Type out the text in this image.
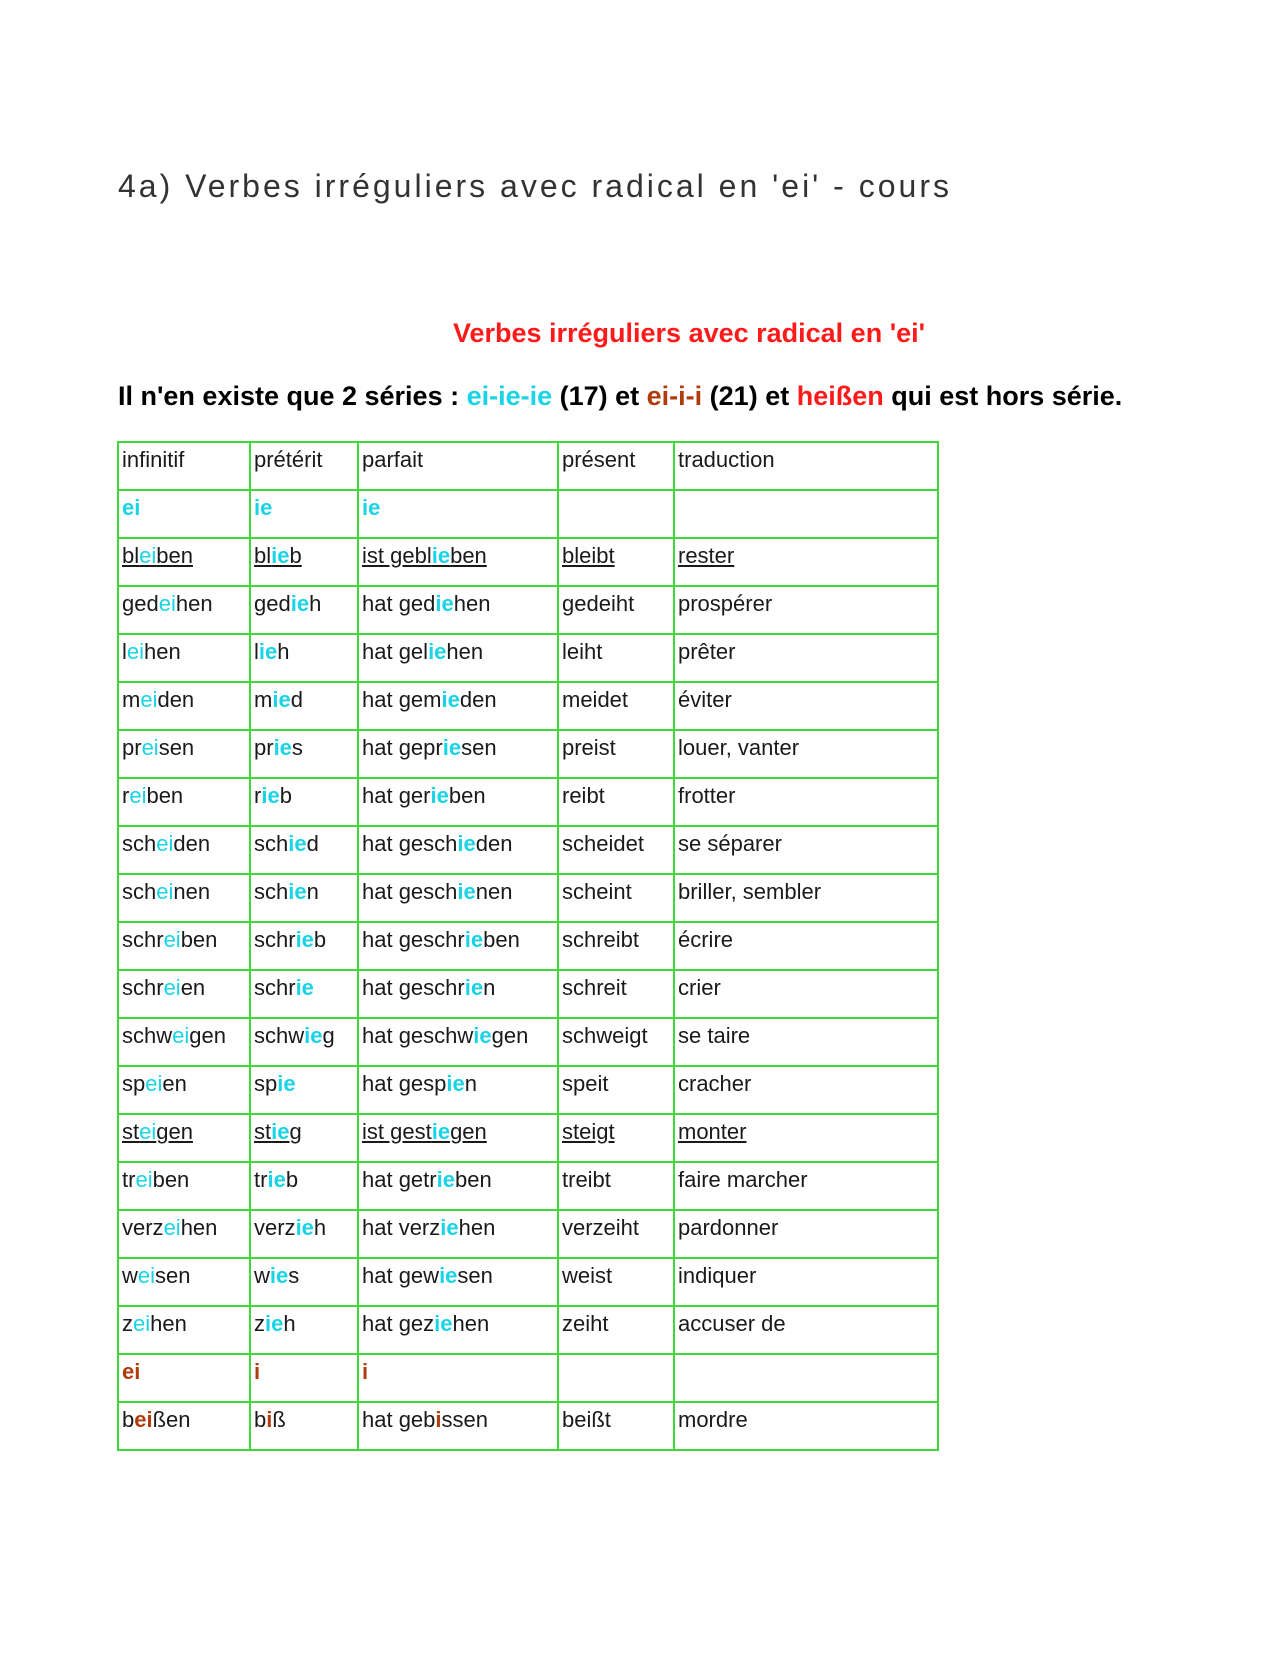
4a) Verbes irréguliers avec radical en 'ei' - cours
Verbes irréguliers avec radical en 'ei'

Il n'en existe que 2 séries : ei-ie-ie (17) et ei-i-i (21) et heißen qui est hors série.

infinitif	prétérit	parfait	présent	traduction
ei	ie	ie		
bleiben	blieb	ist geblieben	bleibt	rester
gedeihen	gedieh	hat gediehen	gedeiht	prospérer
leihen	lieh	hat geliehen	leiht	prêter
meiden	mied	hat gemieden	meidet	éviter
preisen	pries	hat gepriesen	preist	louer, vanter
reiben	rieb	hat gerieben	reibt	frotter
scheiden	schied	hat geschieden	scheidet	se séparer
scheinen	schien	hat geschienen	scheint	briller, sembler
schreiben	schrieb	hat geschrieben	schreibt	écrire
schreien	schrie	hat geschrien	schreit	crier
schweigen	schwieg	hat geschwiegen	schweigt	se taire
speien	spie	hat gespien	speit	cracher
steigen	stieg	ist gestiegen	steigt	monter
treiben	trieb	hat getrieben	treibt	faire marcher
verzeihen	verzieh	hat verziehen	verzeiht	pardonner
weisen	wies	hat gewiesen	weist	indiquer
zeihen	zieh	hat geziehen	zeiht	accuser de
ei	i	i		
beißen	biß	hat gebissen	beißt	mordre
